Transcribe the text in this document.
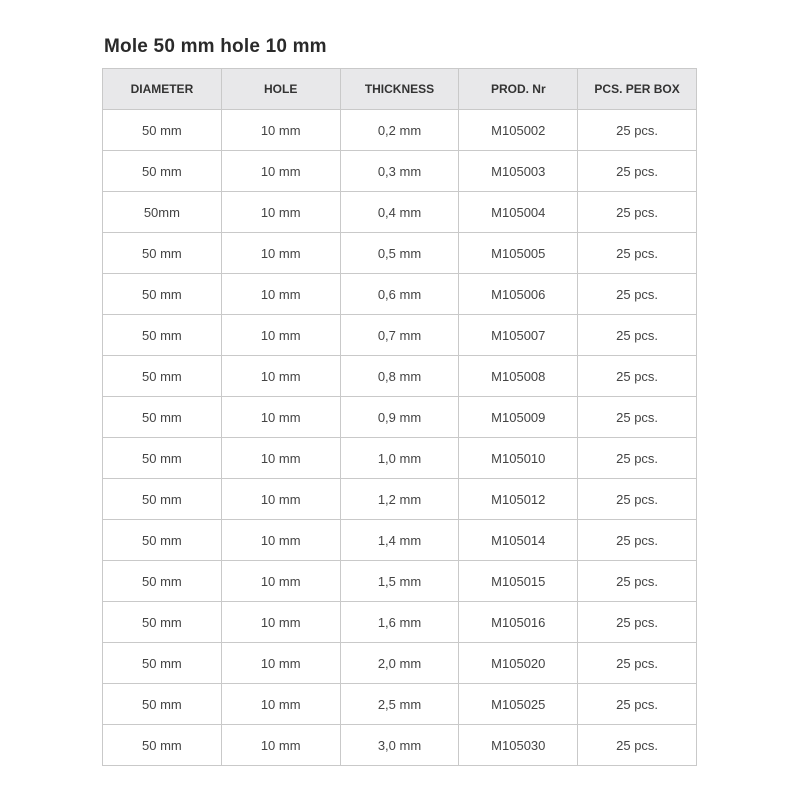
Mole 50 mm hole 10 mm
DIAMETER	HOLE	THICKNESS	PROD. Nr	PCS. PER BOX
50 mm	10 mm	0,2 mm	M105002	25 pcs.
50 mm	10 mm	0,3 mm	M105003	25 pcs.
50mm	10 mm	0,4 mm	M105004	25 pcs.
50 mm	10 mm	0,5 mm	M105005	25 pcs.
50 mm	10 mm	0,6 mm	M105006	25 pcs.
50 mm	10 mm	0,7 mm	M105007	25 pcs.
50 mm	10 mm	0,8 mm	M105008	25 pcs.
50 mm	10 mm	0,9 mm	M105009	25 pcs.
50 mm	10 mm	1,0 mm	M105010	25 pcs.
50 mm	10 mm	1,2 mm	M105012	25 pcs.
50 mm	10 mm	1,4 mm	M105014	25 pcs.
50 mm	10 mm	1,5 mm	M105015	25 pcs.
50 mm	10 mm	1,6 mm	M105016	25 pcs.
50 mm	10 mm	2,0 mm	M105020	25 pcs.
50 mm	10 mm	2,5 mm	M105025	25 pcs.
50 mm	10 mm	3,0 mm	M105030	25 pcs.
